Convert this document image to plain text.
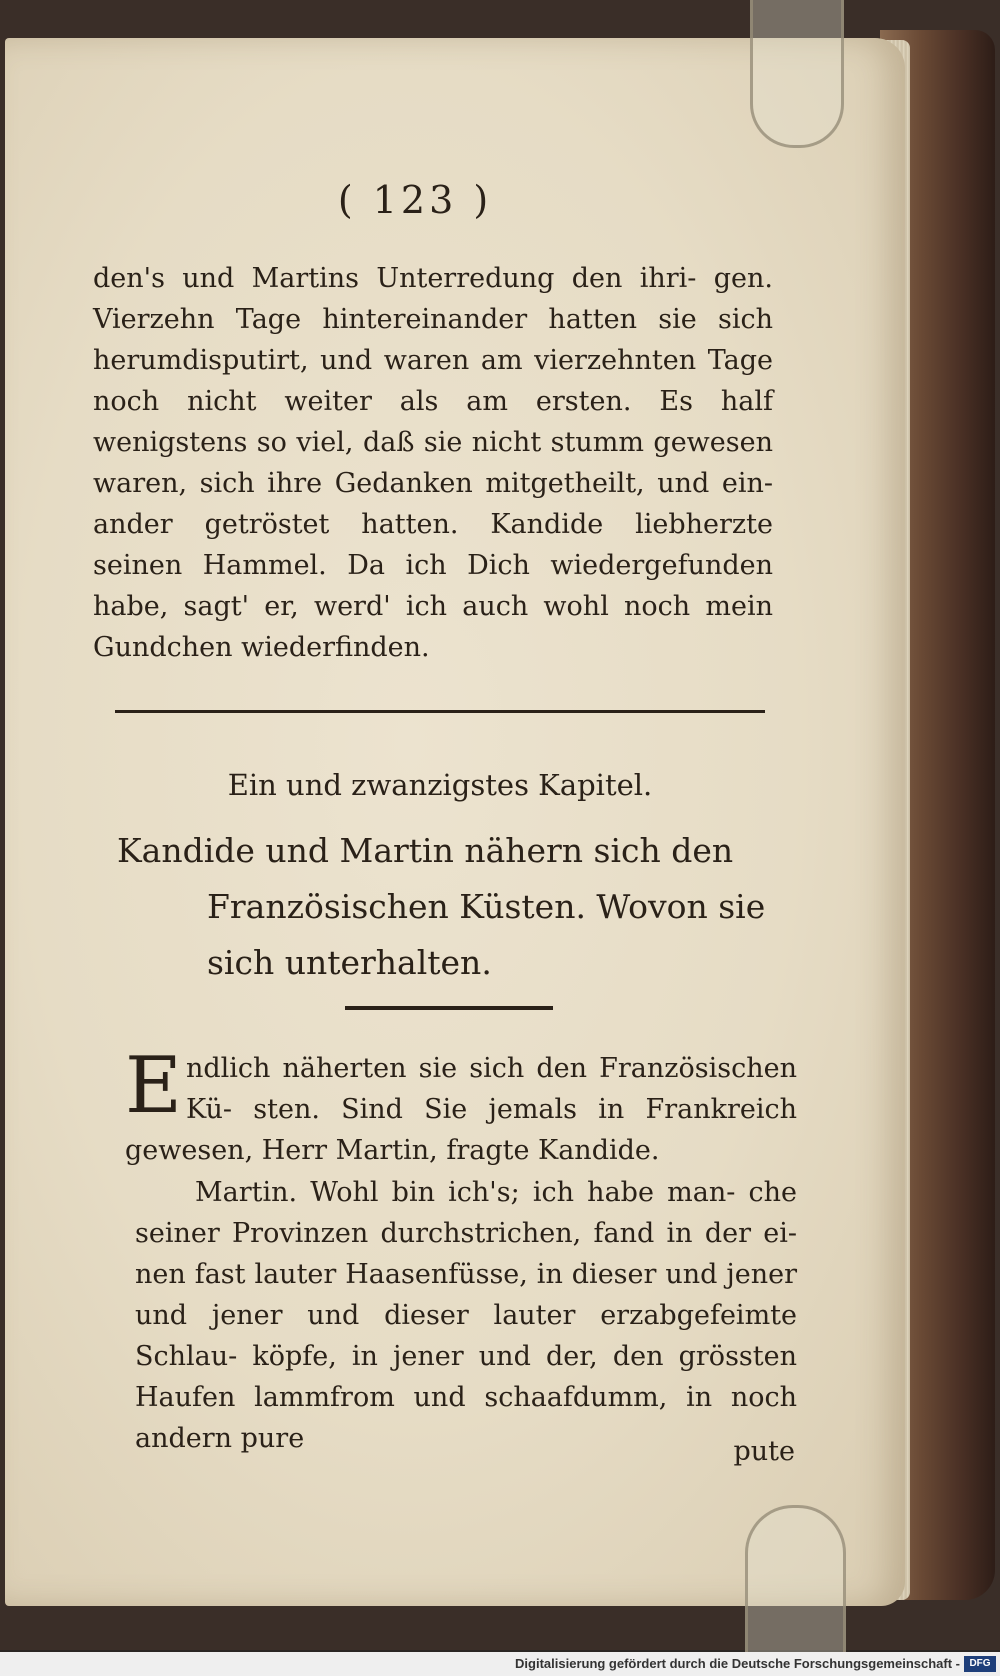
( 123 )
den's und Martins Unterredung den ihri- gen. Vierzehn Tage hintereinander hatten sie sich herumdisputirt, und waren am vierzehnten Tage noch nicht weiter als am ersten. Es half wenigstens so viel, daß sie nicht stumm gewesen waren, sich ihre Gedanken mitgetheilt, und ein- ander getröstet hatten. Kandide liebherzte seinen Hammel. Da ich Dich wiedergefunden habe, sagt' er, werd' ich auch wohl noch mein Gundchen wiederfinden.
Ein und zwanzigstes Kapitel.
Kandide und Martin nähern sich den Französischen Küsten. Wovon sie sich unterhalten.
E ndlich näherten sie sich den Französischen Kü- sten. Sind Sie jemals in Frankreich gewesen, Herr Martin, fragte Kandide.
Martin. Wohl bin ich's; ich habe man- che seiner Provinzen durchstrichen, fand in der ei- nen fast lauter Haasenfüsse, in dieser und jener und jener und dieser lauter erzabgefeimte Schlau- köpfe, in jener und der, den grössten Haufen lammfrom und schaafdumm, in noch andern pure	pute
Digitalisierung gefördert durch die Deutsche Forschungsgemeinschaft - DFG
